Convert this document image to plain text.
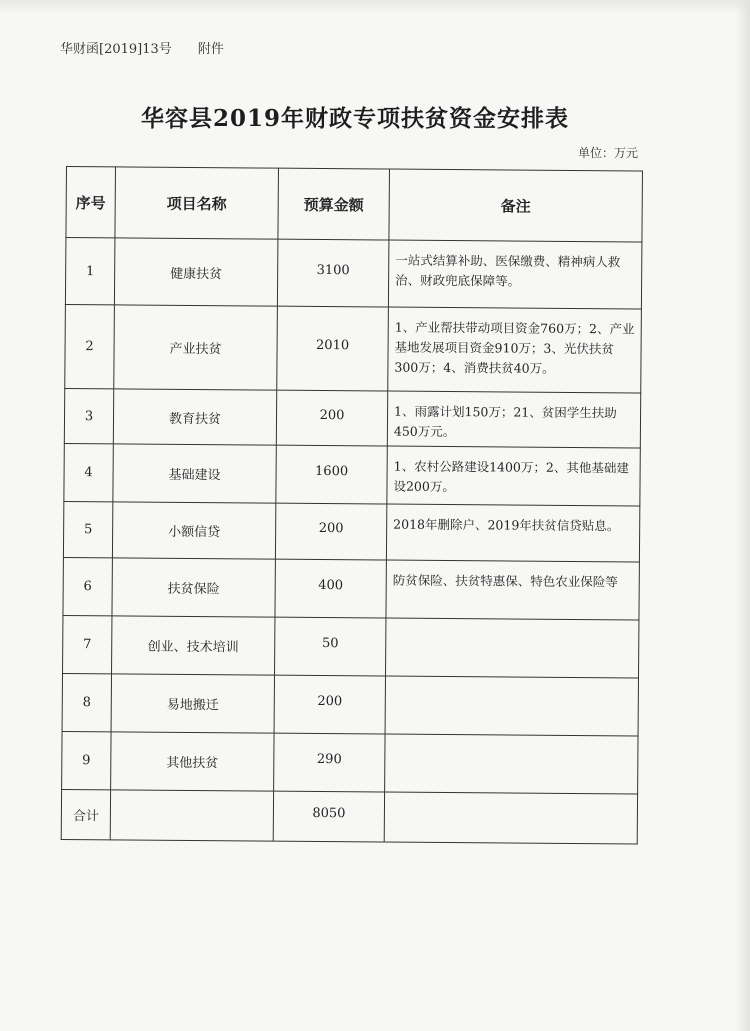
华财函[2019]13号 附件
华容县2019年财政专项扶贫资金安排表
单位：万元
序号	项目名称	预算金额	备注
1	健康扶贫	3100	一站式结算补助、医保缴费、精神病人救治、财政兜底保障等。

2	产业扶贫	2010	1、产业帮扶带动项目资金760万；2、产业基地发展项目资金910万；3、光伏扶贫300万；4、消费扶贫40万。

3	教育扶贫	200	1、雨露计划150万；21、贫困学生扶助450万元。

4	基础建设	1600	1、农村公路建设1400万；2、其他基础建设200万。

5	小额信贷	200	2018年删除户、2019年扶贫信贷贴息。

6	扶贫保险	400	防贫保险、扶贫特惠保、特色农业保险等

7	创业、技术培训	50	

8	易地搬迁	200	

9	其他扶贫	290	

合计		8050	
